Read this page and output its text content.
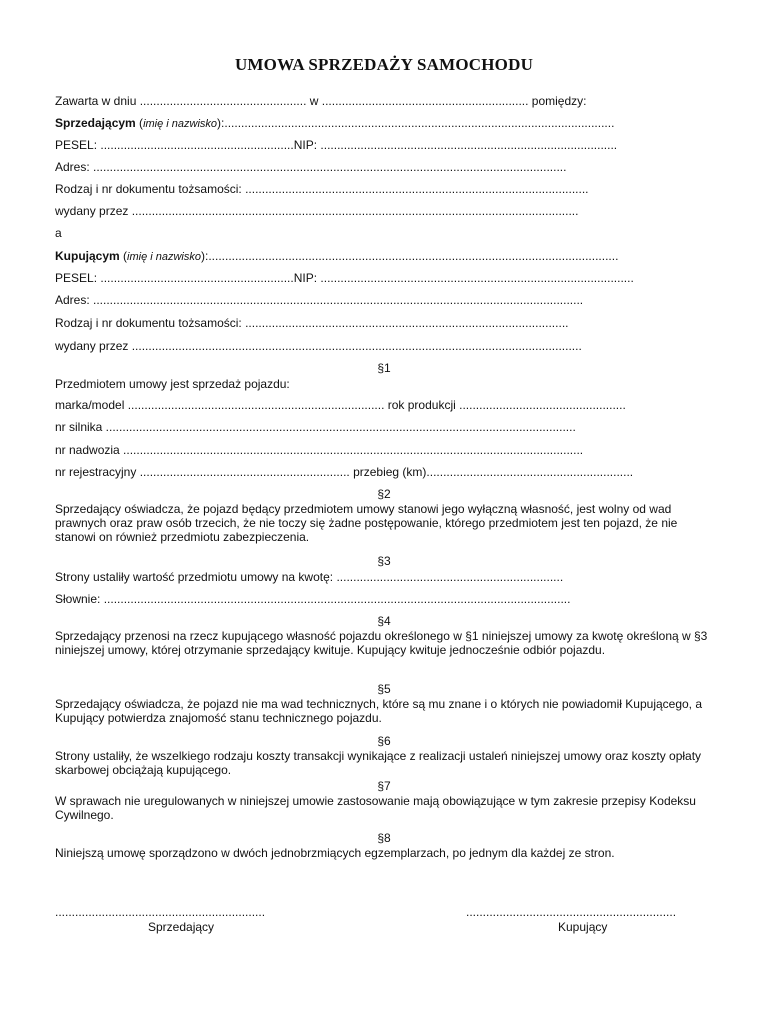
UMOWA SPRZEDAŻY SAMOCHODU
Zawarta w dniu .................................................. w .............................................................. pomiędzy:
Sprzedającym (imię i nazwisko):.....................................................................................................................
PESEL: ..........................................................NIP: .........................................................................................
Adres: ..............................................................................................................................................
Rodzaj i nr dokumentu tożsamości: .......................................................................................................
wydany przez ......................................................................................................................................
a
Kupującym (imię i nazwisko):...........................................................................................................................
PESEL: ..........................................................NIP: ..............................................................................................
Adres: ...................................................................................................................................................
Rodzaj i nr dokumentu tożsamości: .................................................................................................
wydany przez .......................................................................................................................................
§1
Przedmiotem umowy jest sprzedaż pojazdu:
marka/model ............................................................................. rok produkcji ..................................................
nr silnika .............................................................................................................................................
nr nadwozia ..........................................................................................................................................
nr rejestracyjny ............................................................... przebieg (km)..............................................................
§2
Sprzedający oświadcza, że pojazd będący przedmiotem umowy stanowi jego wyłączną własność, jest wolny od wad prawnych oraz praw osób trzecich, że nie toczy się żadne postępowanie, którego przedmiotem jest ten pojazd, że nie stanowi on również przedmiotu zabezpieczenia.
§3
Strony ustaliły wartość przedmiotu umowy na kwotę: ....................................................................
Słownie: ............................................................................................................................................
§4
Sprzedający przenosi na rzecz kupującego własność pojazdu określonego w §1 niniejszej umowy za kwotę określoną w §3 niniejszej umowy, której otrzymanie sprzedający kwituje. Kupujący kwituje jednocześnie odbiór pojazdu.
§5
Sprzedający oświadcza, że pojazd nie ma wad technicznych, które są mu znane i o których nie powiadomił Kupującego, a Kupujący potwierdza znajomość stanu technicznego pojazdu.
§6
Strony ustaliły, że wszelkiego rodzaju koszty transakcji wynikające z realizacji ustaleń niniejszej umowy oraz koszty opłaty skarbowej obciążają kupującego.
§7
W sprawach nie uregulowanych w niniejszej umowie zastosowanie mają obowiązujące w tym zakresie przepisy Kodeksu Cywilnego.
§8
Niniejszą umowę sporządzono w dwóch jednobrzmiących egzemplarzach, po jednym dla każdej ze stron.
...............................................................
Sprzedający
...............................................................
Kupujący
